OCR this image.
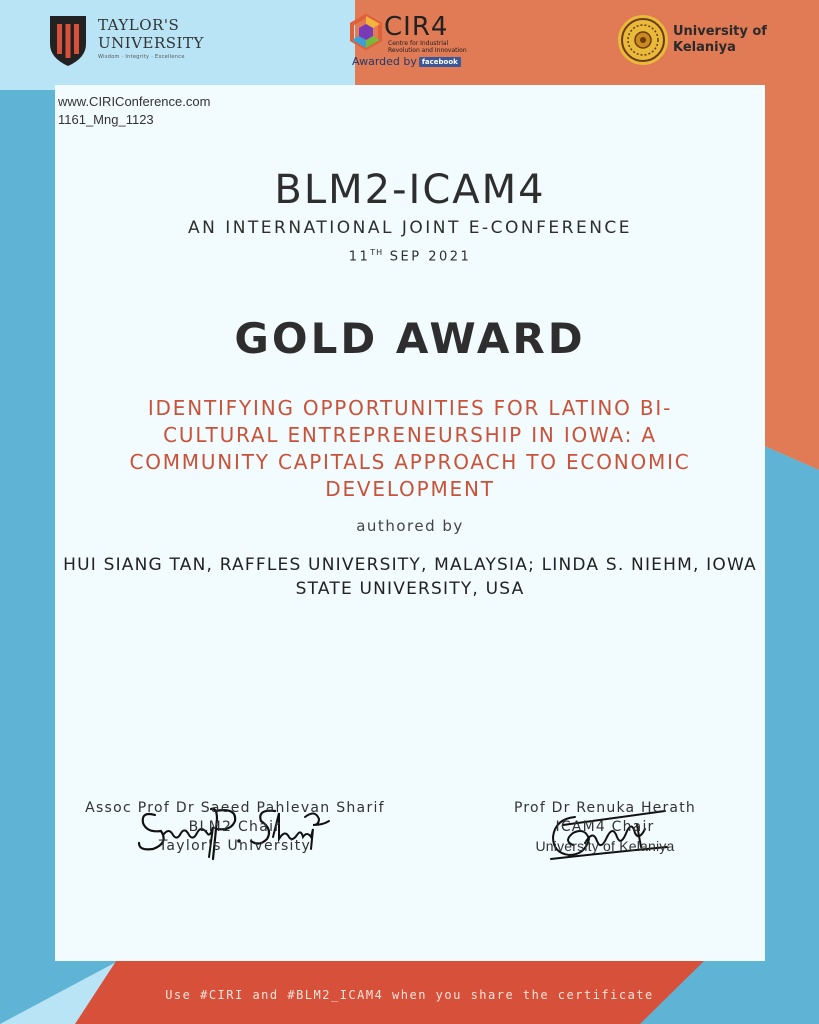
TAYLOR'S
UNIVERSITY
Wisdom · Integrity · Excellence
CIR4
Centre for Industrial Revolution and Innovation
Awarded by facebook
University of
Kelaniya
www.CIRIConference.com
1161_Mng_1123
BLM2-ICAM4
AN INTERNATIONAL JOINT E-CONFERENCE
11TH SEP 2021
GOLD AWARD
IDENTIFYING OPPORTUNITIES FOR LATINO BI-CULTURAL ENTREPRENEURSHIP IN IOWA: A COMMUNITY CAPITALS APPROACH TO ECONOMIC DEVELOPMENT
authored by
HUI SIANG TAN, RAFFLES UNIVERSITY, MALAYSIA; LINDA S. NIEHM, IOWA STATE UNIVERSITY, USA
Assoc Prof Dr Saeed Pahlevan Sharif
BLM2 Chair
Taylor's University
Prof Dr Renuka Herath
ICAM4 Chair
University of Kelaniya
Use #CIRI and #BLM2_ICAM4 when you share the certificate
